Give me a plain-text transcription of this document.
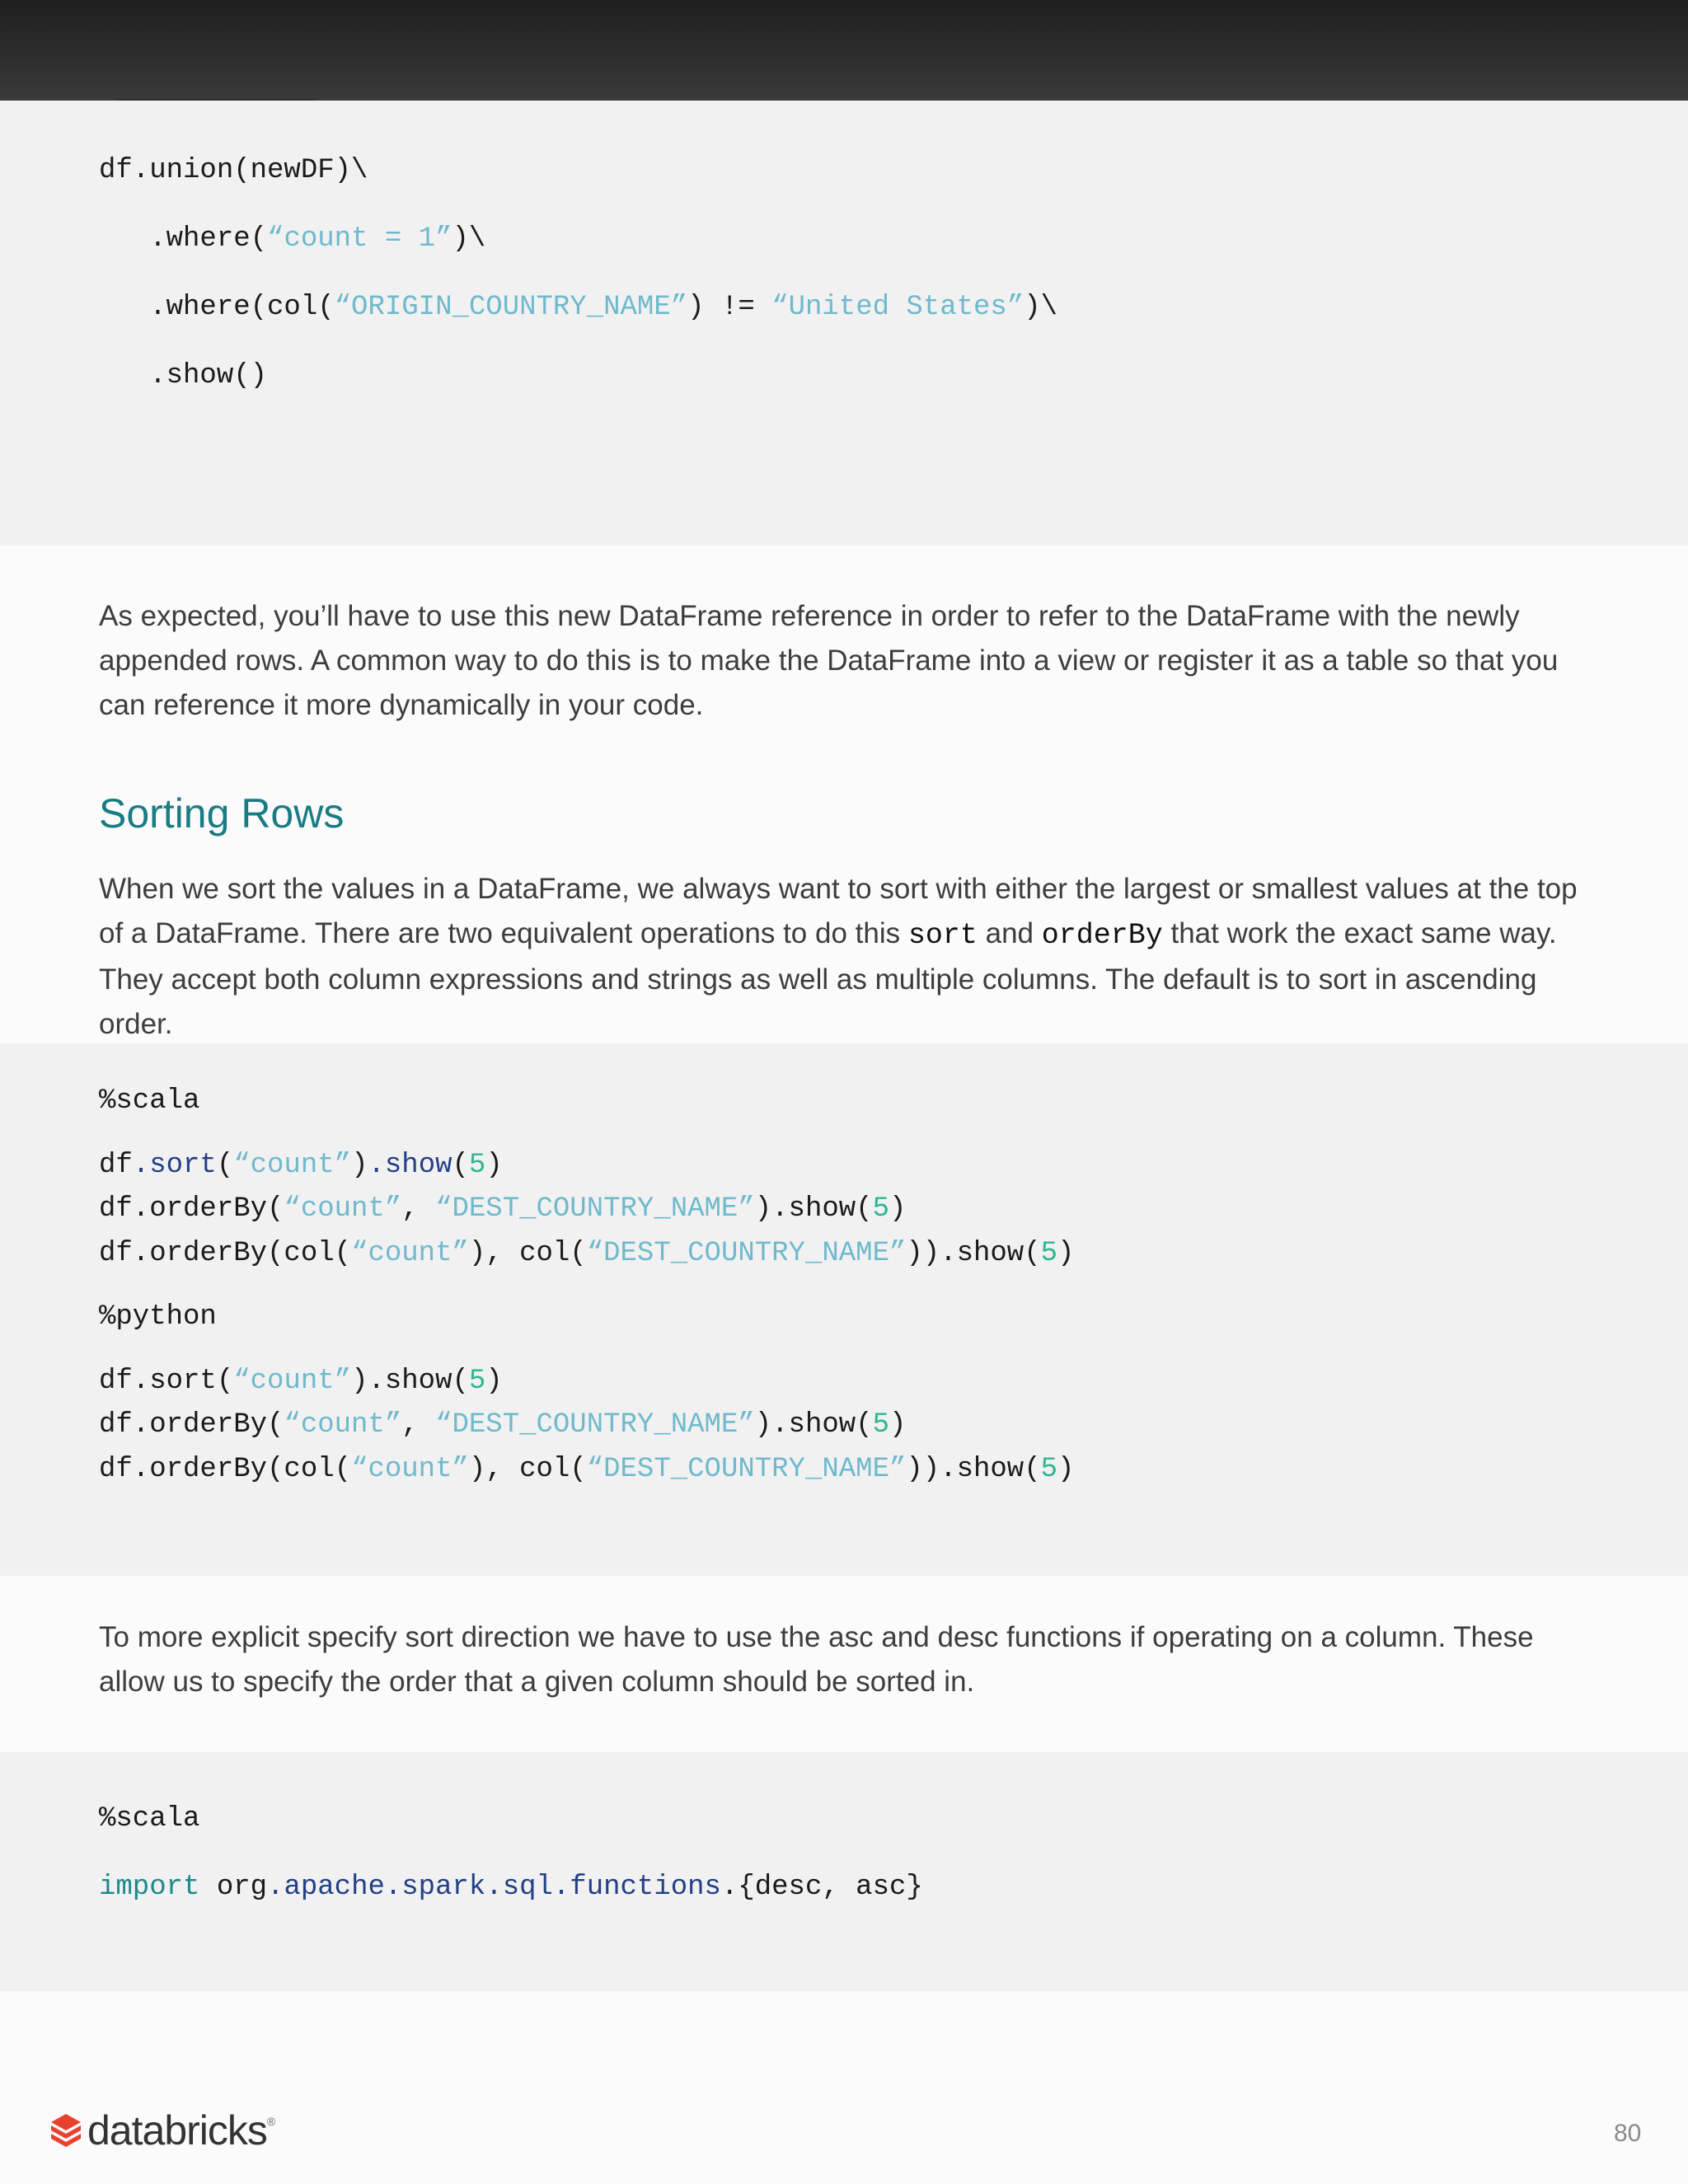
df.union(newDF)\
.where(“count = 1”)\
.where(col(“ORIGIN_COUNTRY_NAME”) != “United States”)\
.show()

As expected, you’ll have to use this new DataFrame reference in order to refer to the DataFrame with the newly appended rows. A common way to do this is to make the DataFrame into a view or register it as a table so that you can reference it more dynamically in your code.

Sorting Rows

When we sort the values in a DataFrame, we always want to sort with either the largest or smallest values at the top of a DataFrame. There are two equivalent operations to do this sort and orderBy that work the exact same way. They accept both column expressions and strings as well as multiple columns. The default is to sort in ascending order.

%scala
df.sort(“count”).show(5)
df.orderBy(“count”, “DEST_COUNTRY_NAME”).show(5)
df.orderBy(col(“count”), col(“DEST_COUNTRY_NAME”)).show(5)
%python
df.sort(“count”).show(5)
df.orderBy(“count”, “DEST_COUNTRY_NAME”).show(5)
df.orderBy(col(“count”), col(“DEST_COUNTRY_NAME”)).show(5)

To more explicit specify sort direction we have to use the asc and desc functions if operating on a column. These allow us to specify the order that a given column should be sorted in.

%scala
import org.apache.spark.sql.functions.{desc, asc}
databricks ®	80
